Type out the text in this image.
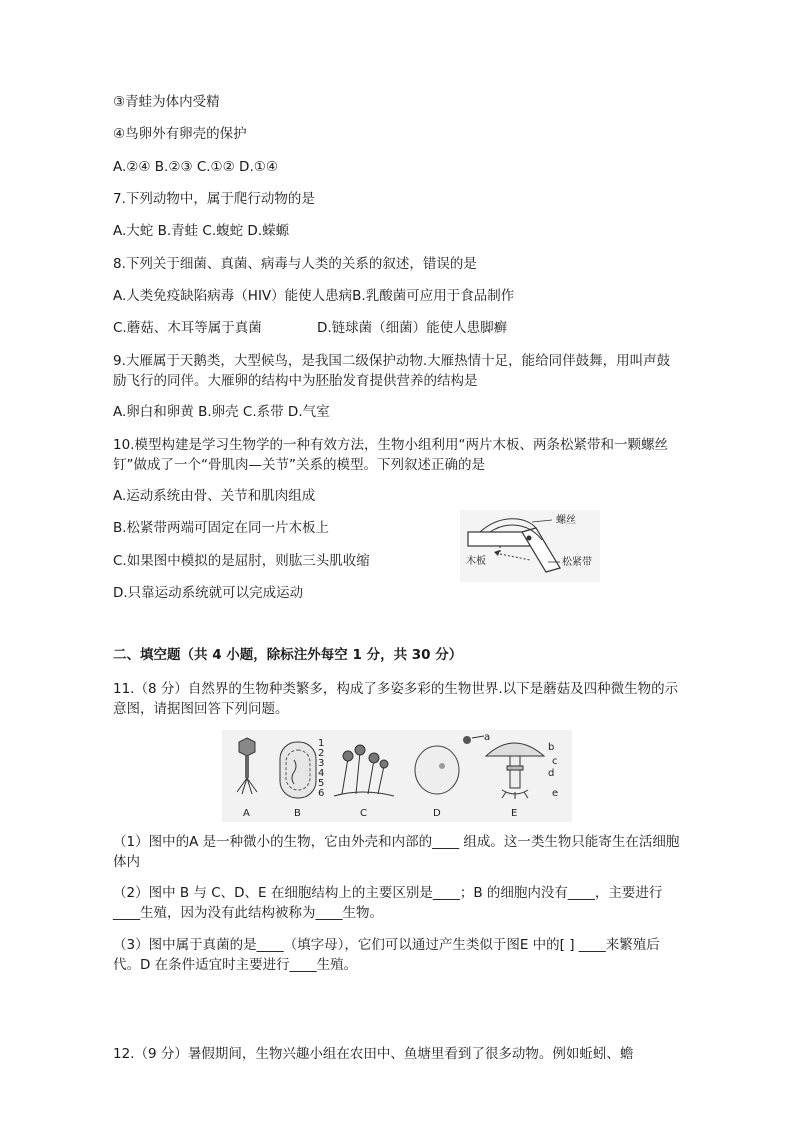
③青蛙为体内受精
④鸟卵外有卵壳的保护
A.②④ B.②③ C.①② D.①④
7.下列动物中，属于爬行动物的是
A.大蛇 B.青蛙 C.蝮蛇 D.蝾螈
8.下列关于细菌、真菌、病毒与人类的关系的叙述，错误的是
A.人类免疫缺陷病毒（HIV）能使人患病B.乳酸菌可应用于食品制作
C.蘑菇、木耳等属于真菌	D.链球菌（细菌）能使人患脚癣
9.大雁属于天鹅类，大型候鸟，是我国二级保护动物.大雁热情十足，能给同伴鼓舞，用叫声鼓励飞行的同伴。大雁卵的结构中为胚胎发育提供营养的结构是
A.卵白和卵黄 B.卵壳 C.系带 D.气室
10.模型构建是学习生物学的一种有效方法，生物小组利用“两片木板、两条松紧带和一颗螺丝钉”做成了一个“骨肌肉—关节”关系的模型。下列叙述正确的是
A.运动系统由骨、关节和肌肉组成
B.松紧带两端可固定在同一片木板上
C.如果图中模拟的是屈肘，则肱三头肌收缩
D.只靠运动系统就可以完成运动
螺丝
木板	松紧带
二、填空题（共 4 小题，除标注外每空 1 分，共 30 分）
11.（8 分）自然界的生物种类繁多，构成了多姿多彩的生物世界.以下是蘑菇及四种微生物的示意图，请据图回答下列问题。
A
1
2
3
4
5
6
B	C	D
a
b
c
d
e
E
（1）图中的A 是一种微小的生物，它由外壳和内部的____ 组成。这一类生物只能寄生在活细胞体内
（2）图中 B 与 C、D、E 在细胞结构上的主要区别是____；B 的细胞内没有____，主要进行____生殖，因为没有此结构被称为____生物。
（3）图中属于真菌的是____（填字母），它们可以通过产生类似于图E 中的[ ] ____来繁殖后代。D 在条件适宜时主要进行____生殖。
12.（9 分）暑假期间，生物兴趣小组在农田中、鱼塘里看到了很多动物。例如蚯蚓、蟾
